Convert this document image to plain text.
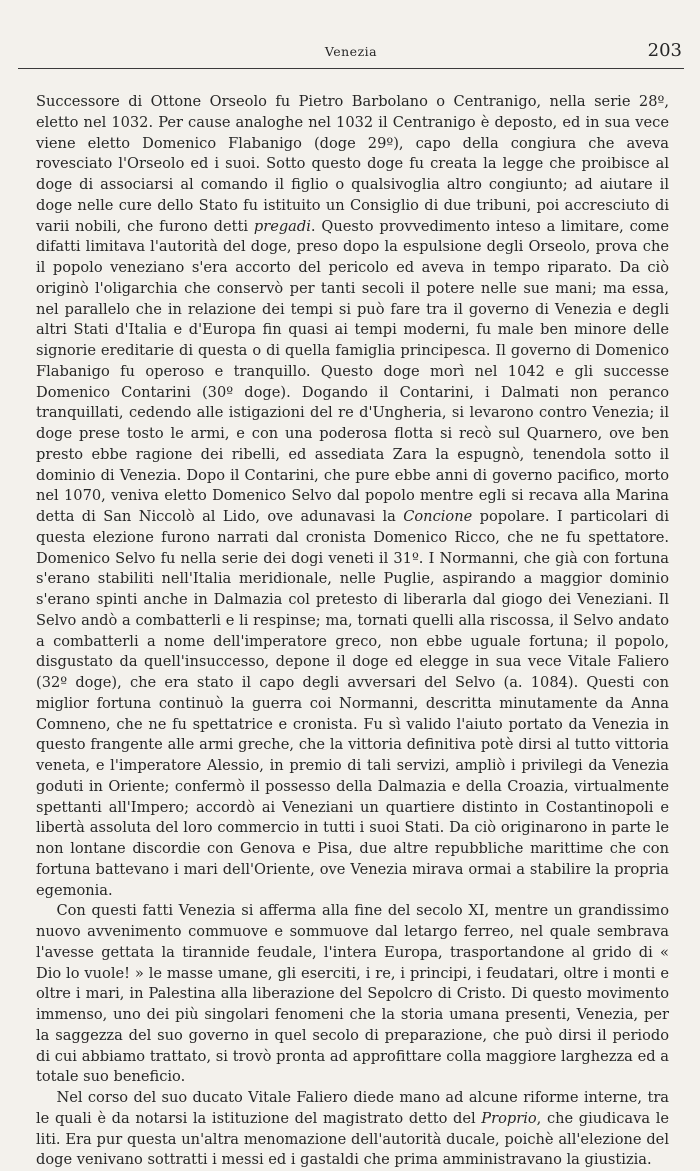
Venezia	203

Successore di Ottone Orseolo fu Pietro Barbolano o Centranigo, nella serie 28º, eletto nel 1032. Per cause analoghe nel 1032 il Centranigo è deposto, ed in sua vece viene eletto Domenico Flabanigo (doge 29º), capo della congiura che aveva rovesciato l'Orseolo ed i suoi. Sotto questo doge fu creata la legge che proibisce al doge di associarsi al comando il figlio o qualsivoglia altro congiunto; ad aiutare il doge nelle cure dello Stato fu istituito un Consiglio di due tribuni, poi accresciuto di varii nobili, che furono detti pregadi. Questo provvedimento inteso a limitare, come difatti limitava l'autorità del doge, preso dopo la espulsione degli Orseolo, prova che il popolo veneziano s'era accorto del pericolo ed aveva in tempo riparato. Da ciò originò l'oligarchia che conservò per tanti secoli il potere nelle sue mani; ma essa, nel parallelo che in relazione dei tempi si può fare tra il governo di Venezia e degli altri Stati d'Italia e d'Europa fin quasi ai tempi moderni, fu male ben minore delle signorie ereditarie di questa o di quella famiglia principesca. Il governo di Domenico Flabanigo fu operoso e tranquillo. Questo doge morì nel 1042 e gli successe Domenico Contarini (30º doge). Dogando il Contarini, i Dalmati non peranco tranquillati, cedendo alle istigazioni del re d'Ungheria, si levarono contro Venezia; il doge prese tosto le armi, e con una poderosa flotta si recò sul Quarnero, ove ben presto ebbe ragione dei ribelli, ed assediata Zara la espugnò, tenendola sotto il dominio di Venezia. Dopo il Contarini, che pure ebbe anni di governo pacifico, morto nel 1070, veniva eletto Domenico Selvo dal popolo mentre egli si recava alla Marina detta di San Niccolò al Lido, ove adunavasi la Concione popolare. I particolari di questa elezione furono narrati dal cronista Domenico Ricco, che ne fu spettatore. Domenico Selvo fu nella serie dei dogi veneti il 31º. I Normanni, che già con fortuna s'erano stabiliti nell'Italia meridionale, nelle Puglie, aspirando a maggior dominio s'erano spinti anche in Dalmazia col pretesto di liberarla dal giogo dei Veneziani. Il Selvo andò a combatterli e li respinse; ma, tornati quelli alla riscossa, il Selvo andato a combatterli a nome dell'imperatore greco, non ebbe uguale fortuna; il popolo, disgustato da quell'insuccesso, depone il doge ed elegge in sua vece Vitale Faliero (32º doge), che era stato il capo degli avversari del Selvo (a. 1084). Questi con miglior fortuna continuò la guerra coi Normanni, descritta minutamente da Anna Comneno, che ne fu spettatrice e cronista. Fu sì valido l'aiuto portato da Venezia in questo frangente alle armi greche, che la vittoria definitiva potè dirsi al tutto vittoria veneta, e l'imperatore Alessio, in premio di tali servizi, ampliò i privilegi da Venezia goduti in Oriente; confermò il possesso della Dalmazia e della Croazia, virtualmente spettanti all'Impero; accordò ai Veneziani un quartiere distinto in Costantinopoli e libertà assoluta del loro commercio in tutti i suoi Stati. Da ciò originarono in parte le non lontane discordie con Genova e Pisa, due altre repubbliche marittime che con fortuna battevano i mari dell'Oriente, ove Venezia mirava ormai a stabilire la propria egemonia.

Con questi fatti Venezia si afferma alla fine del secolo XI, mentre un grandissimo nuovo avvenimento commuove e sommuove dal letargo ferreo, nel quale sembrava l'avesse gettata la tirannide feudale, l'intera Europa, trasportandone al grido di « Dio lo vuole! » le masse umane, gli eserciti, i re, i principi, i feudatari, oltre i monti e oltre i mari, in Palestina alla liberazione del Sepolcro di Cristo. Di questo movimento immenso, uno dei più singolari fenomeni che la storia umana presenti, Venezia, per la saggezza del suo governo in quel secolo di preparazione, che può dirsi il periodo di cui abbiamo trattato, si trovò pronta ad approfittare colla maggiore larghezza ed a totale suo beneficio.

Nel corso del suo ducato Vitale Faliero diede mano ad alcune riforme interne, tra le quali è da notarsi la istituzione del magistrato detto del Proprio, che giudicava le liti. Era pur questa un'altra menomazione dell'autorità ducale, poichè all'elezione del doge venivano sottratti i messi ed i gastaldi che prima amministravano la giustizia.
